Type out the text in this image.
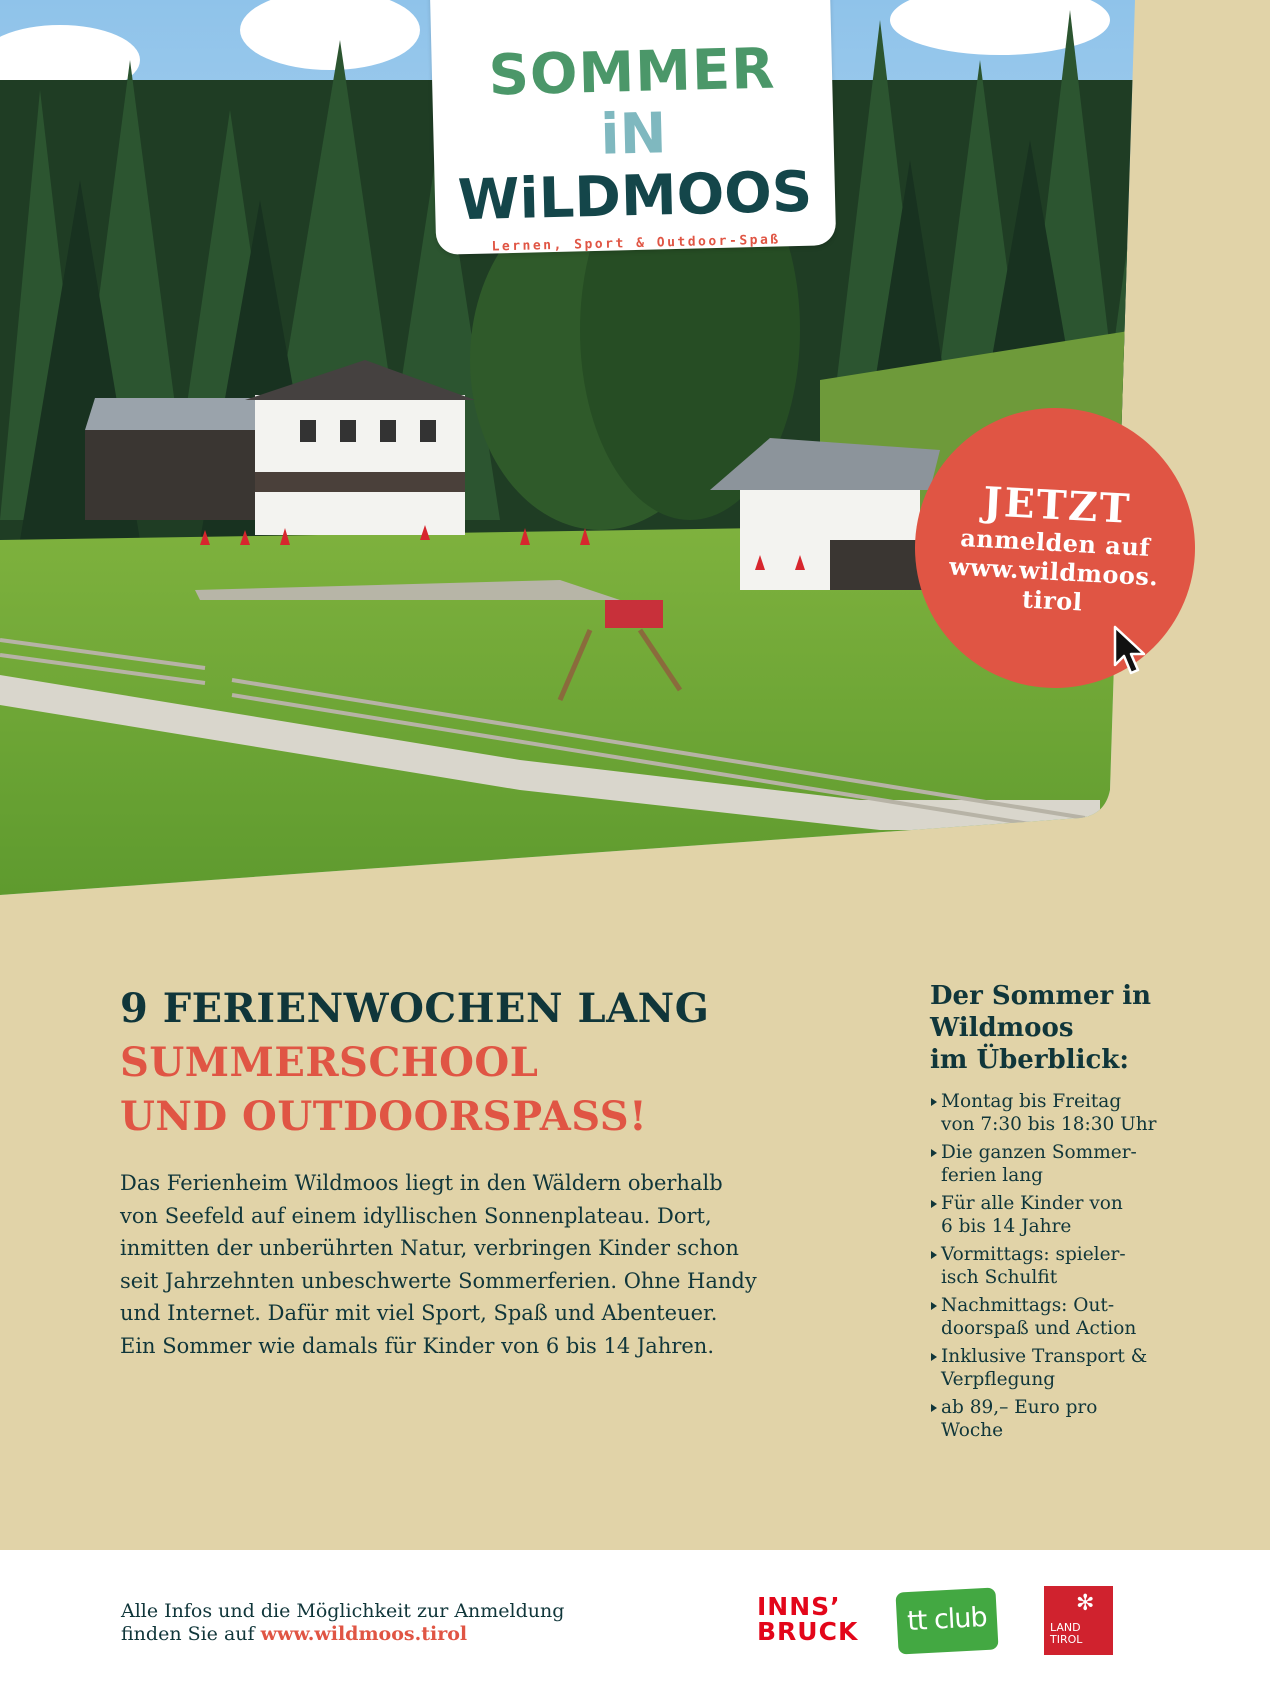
SOMMER
iN WiLDMOOS
Lernen, Sport & Outdoor-Spaß
JETZT
anmelden auf
www.wildmoos.
tirol
9 FERIENWOCHEN LANG
SUMMERSCHOOL
UND OUTDOORSPASS!

Das Ferienheim Wildmoos liegt in den Wäldern oberhalb

von Seefeld auf einem idyllischen Sonnenplateau. Dort,

inmitten der unberührten Natur, verbringen Kinder schon

seit Jahrzehnten unbeschwerte Sommerferien. Ohne Handy

und Internet. Dafür mit viel Sport, Spaß und Abenteuer.

Ein Sommer wie damals für Kinder von 6 bis 14 Jahren.

Der Sommer in
Wildmoos
im Überblick:
Montag bis Freitag
von 7:30 bis 18:30 Uhr
Die ganzen Sommer-
ferien lang
Für alle Kinder von
6 bis 14 Jahre
Vormittags: spieler-
isch Schulfit
Nachmittags: Out-
doorspaß und Action
Inklusive Transport &
Verpflegung
ab 89,– Euro pro
Woche
Alle Infos und die Möglichkeit zur Anmeldung
finden Sie auf www.wildmoos.tirol
INNS’
BRUCK	tt club	✻
LAND
TIROL
